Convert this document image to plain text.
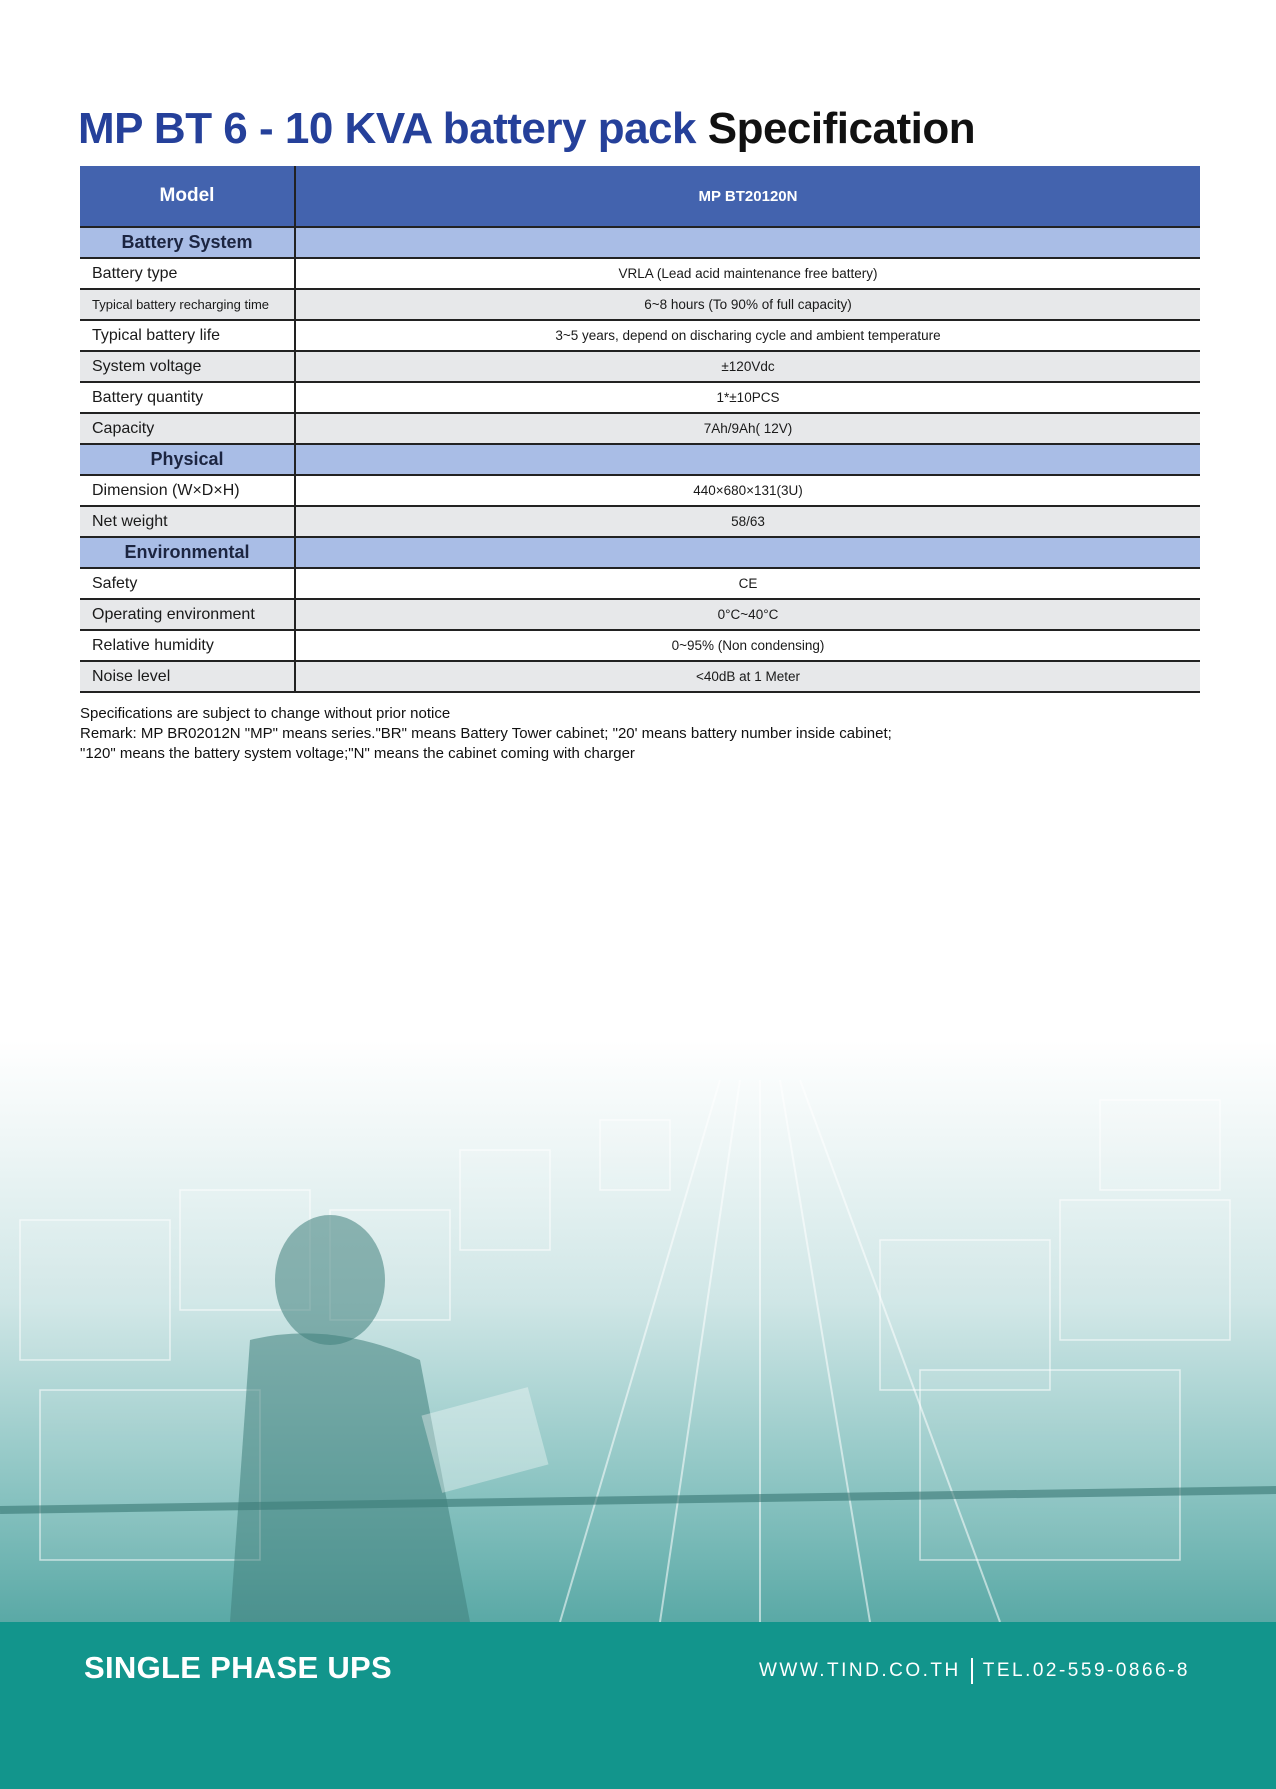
MP BT 6 - 10 KVA battery pack Specification
Model	MP BT20120N
Battery System	
Battery type	VRLA (Lead acid maintenance free battery)
Typical battery recharging time	6~8 hours (To 90% of full capacity)
Typical battery life	3~5 years, depend on discharing cycle and ambient temperature
System voltage	±120Vdc
Battery quantity	1*±10PCS
Capacity	7Ah/9Ah( 12V)
Physical	
Dimension (W×D×H)	440×680×131(3U)
Net weight	58/63
Environmental	
Safety	CE
Operating environment	0°C~40°C
Relative humidity	0~95% (Non condensing)
Noise level	<40dB at 1 Meter
Specifications are subject to change without prior notice
Remark: MP BR02012N "MP" means series."BR" means Battery Tower cabinet; "20' means battery number inside cabinet;
"120" means the battery system voltage;"N" means the cabinet coming with charger
SINGLE PHASE UPS	WWW.TIND.CO.TH TEL.02-559-0866-8
